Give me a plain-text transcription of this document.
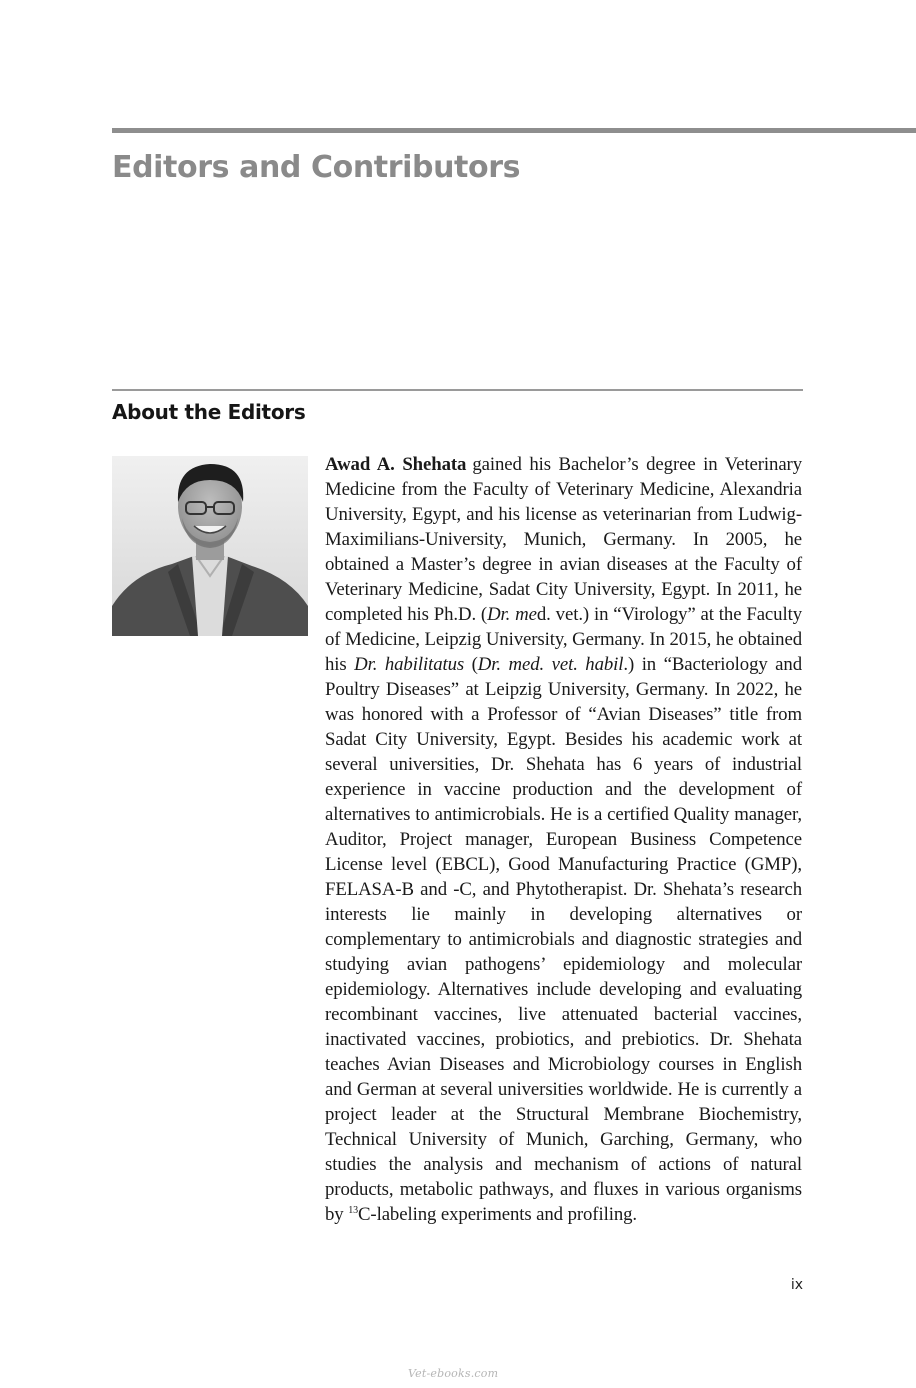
Editors and Contributors
About the Editors

Awad A. Shehata gained his Bachelor’s degree in Veterinary Medicine from the Faculty of Veterinary Medicine, Alexandria University, Egypt, and his license as veterinarian from Ludwig-Maximilians-University, Munich, Germany. In 2005, he obtained a Master’s degree in avian diseases at the Faculty of Veterinary Medicine, Sadat City University, Egypt. In 2011, he completed his Ph.D. (Dr. med. vet.) in “Virology” at the Faculty of Medicine, Leipzig University, Germany. In 2015, he obtained his Dr. habilitatus (Dr. med. vet. habil.) in “Bacteriology and Poultry Diseases” at Leipzig University, Germany. In 2022, he was honored with a Professor of “Avian Diseases” title from Sadat City University, Egypt. Besides his academic work at several universities, Dr. Shehata has 6 years of industrial experience in vaccine production and the development of alternatives to antimicrobials. He is a certified Quality manager, Auditor, Project manager, European Business Competence License level (EBCL), Good Manufacturing Practice (GMP), FELASA-B and -C, and Phytotherapist. Dr. Shehata’s research interests lie mainly in developing alternatives or complementary to antimicrobials and diagnostic strategies and studying avian pathogens’ epidemiology and molecular epidemiology. Alternatives include developing and evaluating recombinant vaccines, live attenuated bacterial vaccines, inactivated vaccines, probiotics, and prebiotics. Dr. Shehata teaches Avian Diseases and Microbiology courses in English and German at several universities worldwide. He is currently a project leader at the Structural Membrane Biochemistry, Technical University of Munich, Garching, Germany, who studies the analysis and mechanism of actions of natural products, metabolic pathways, and fluxes in various organisms by $^{13}$C-labeling experiments and profiling.

ix
Vet-ebooks.com
